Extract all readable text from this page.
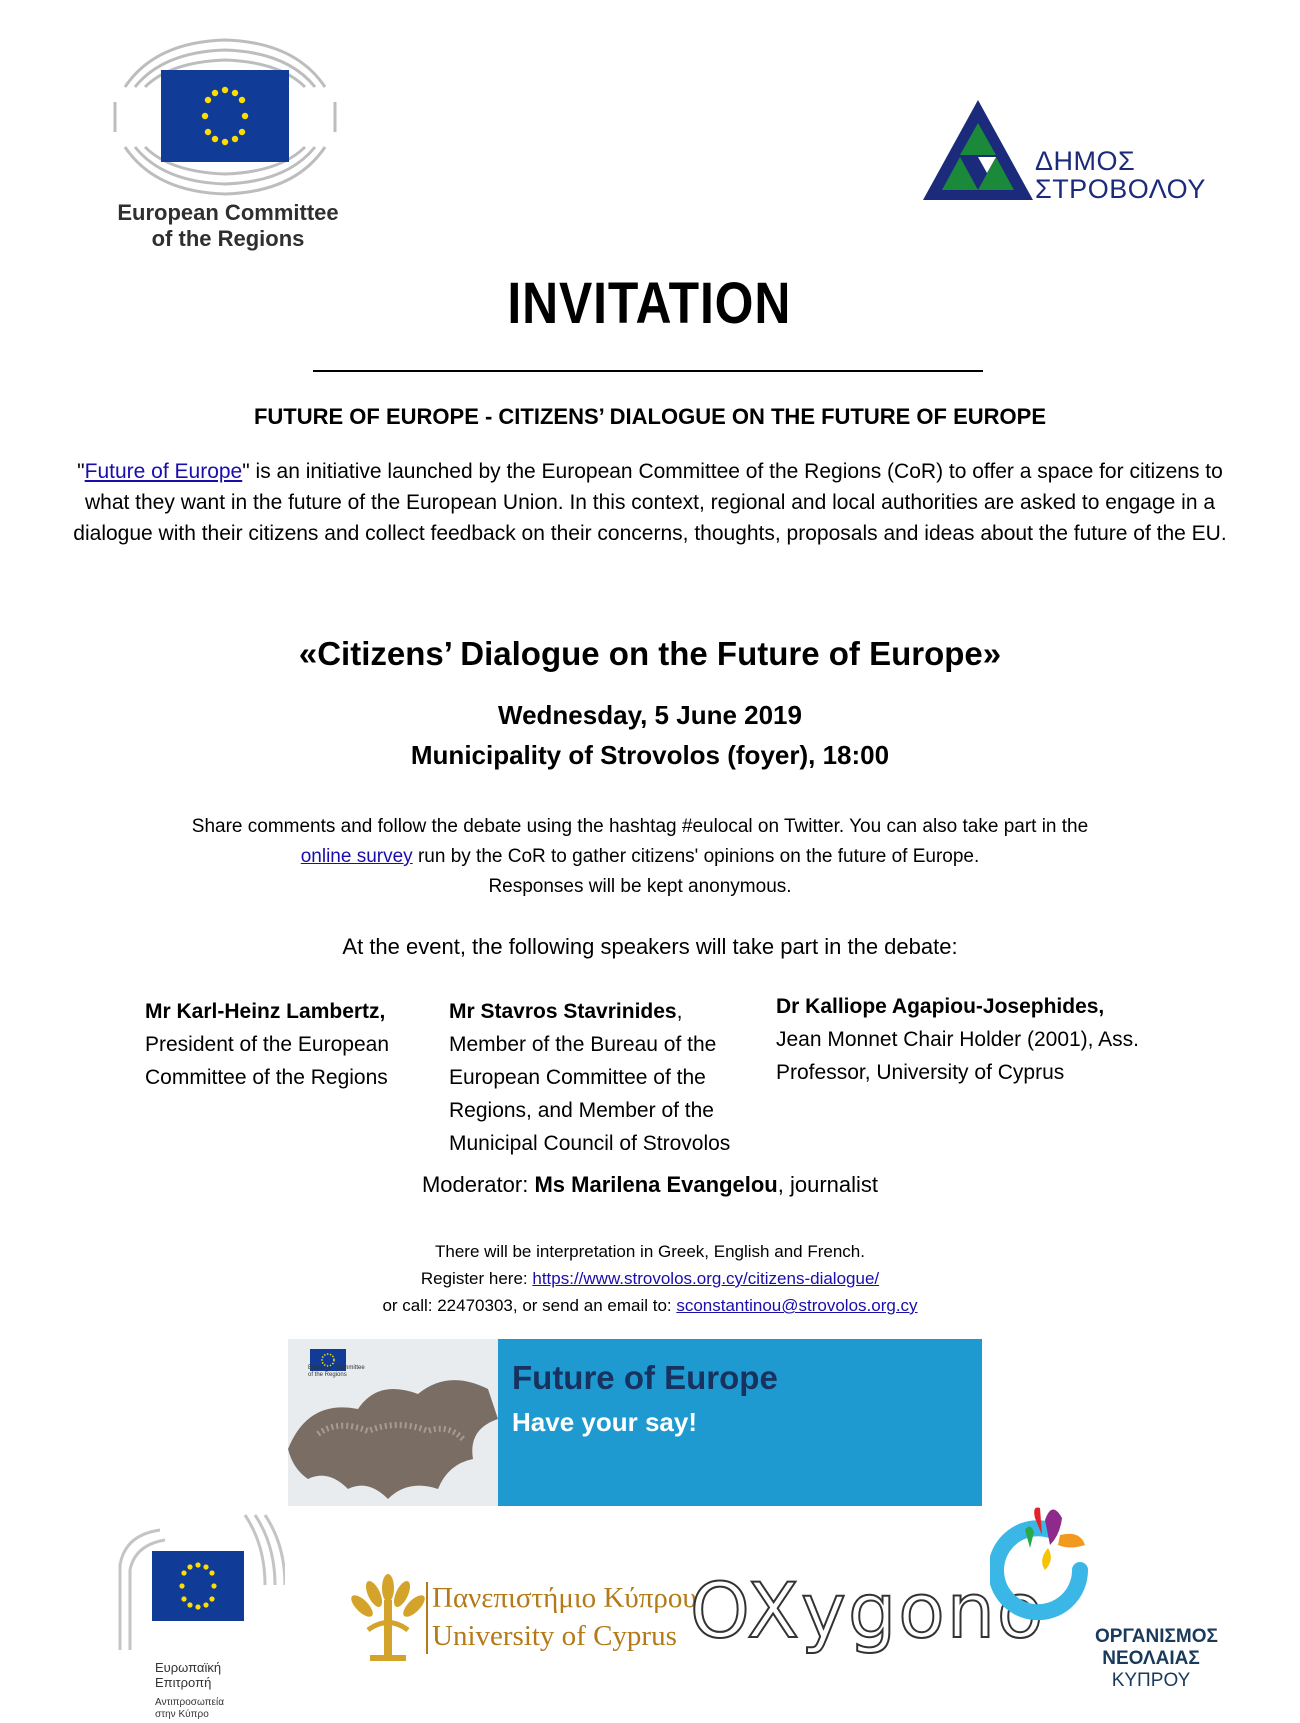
European Committee
of the Regions
ΔΗΜΟΣ
ΣΤΡΟΒΟΛΟΥ
INVITATION
FUTURE OF EUROPE - CITIZENS’ DIALOGUE ON THE FUTURE OF EUROPE
"Future of Europe" is an initiative launched by the European Committee of the Regions (CoR) to offer a space for citizens to what they want in the future of the European Union. In this context, regional and local authorities are asked to engage in a dialogue with their citizens and collect feedback on their concerns, thoughts, proposals and ideas about the future of the EU.
«Citizens’ Dialogue on the Future of Europe»
Wednesday, 5 June 2019
Municipality of Strovolos (foyer), 18:00
Share comments and follow the debate using the hashtag #eulocal on Twitter. You can also take part in the
online survey run by the CoR to gather citizens' opinions on the future of Europe.
Responses will be kept anonymous.
At the event, the following speakers will take part in the debate:
Mr Karl-Heinz Lambertz,
President of the European Committee of the Regions
Mr Stavros Stavrinides,
Member of the Bureau of the European Committee of the Regions, and Member of the Municipal Council of Strovolos
Dr Kalliope Agapiou-Josephides,
Jean Monnet Chair Holder (2001), Ass. Professor, University of Cyprus
Moderator: Ms Marilena Evangelou, journalist
There will be interpretation in Greek, English and French.
Register here: https://www.strovolos.org.cy/citizens-dialogue/
or call: 22470303, or send an email to: sconstantinou@strovolos.org.cy
European Committee of the Regions	Future of Europe
Have your say!
Ευρωπαϊκή
Επιτροπή
Αντιπροσωπεία
στην Κύπρο
Πανεπιστήμιο Κύπρου
University of Cyprus OXygono	ΟΡΓΑΝΙΣΜΟΣ
ΝΕΟΛΑΙΑΣ
ΚΥΠΡΟΥ
